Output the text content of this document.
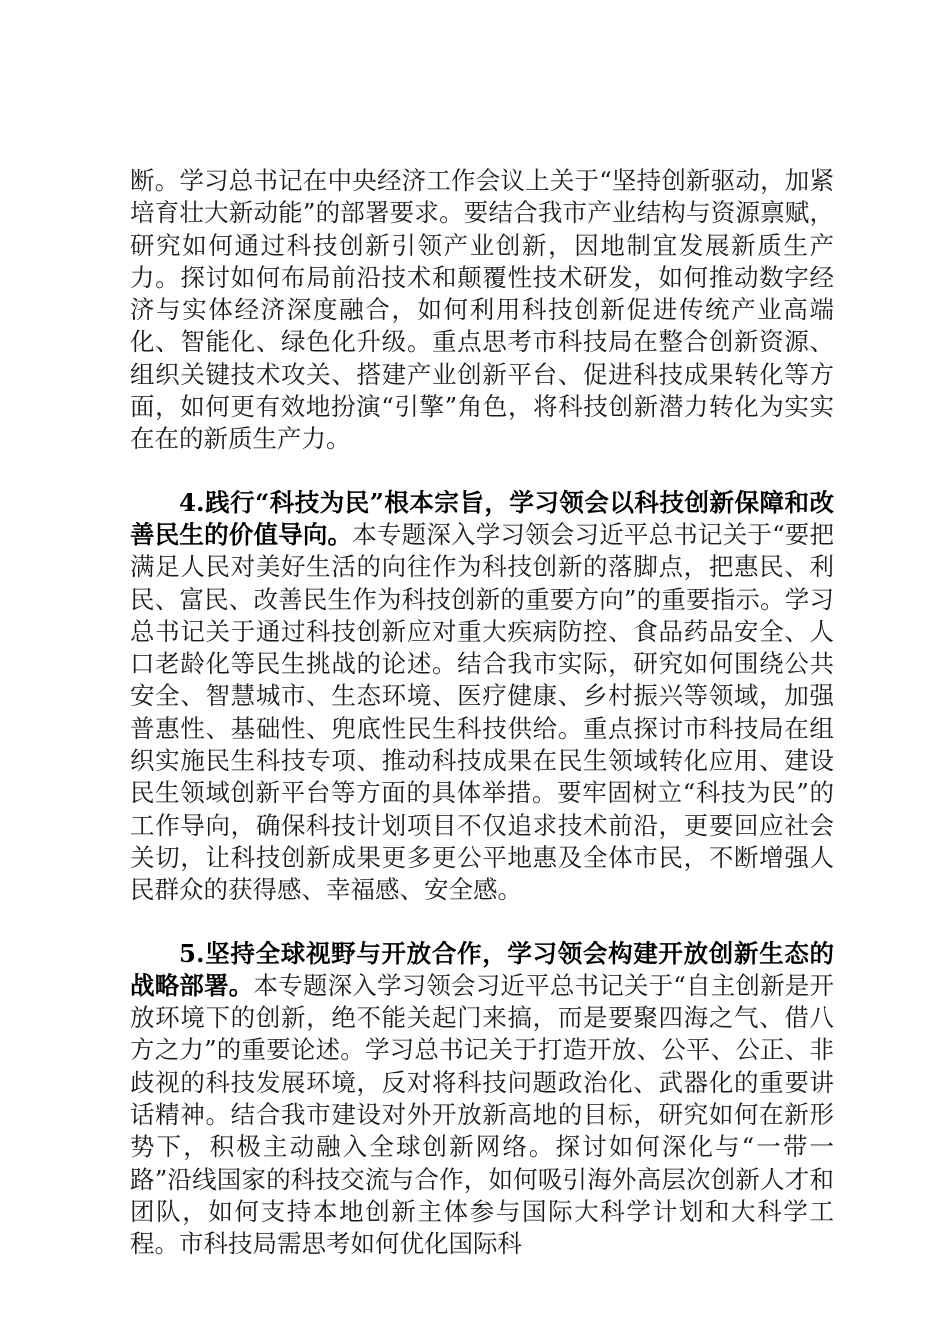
断。学习总书记在中央经济工作会议上关于“坚持创新驱动，加紧培育壮大新动能”的部署要求。要结合我市产业结构与资源禀赋，研究如何通过科技创新引领产业创新，因地制宜发展新质生产力。探讨如何布局前沿技术和颠覆性技术研发，如何推动数字经济与实体经济深度融合，如何利用科技创新促进传统产业高端化、智能化、绿色化升级。重点思考市科技局在整合创新资源、组织关键技术攻关、搭建产业创新平台、促进科技成果转化等方面，如何更有效地扮演“引擎”角色，将科技创新潜力转化为实实在在的新质生产力。

4.践行“科技为民”根本宗旨，学习领会以科技创新保障和改善民生的价值导向。本专题深入学习领会习近平总书记关于“要把满足人民对美好生活的向往作为科技创新的落脚点，把惠民、利民、富民、改善民生作为科技创新的重要方向”的重要指示。学习总书记关于通过科技创新应对重大疾病防控、食品药品安全、人口老龄化等民生挑战的论述。结合我市实际，研究如何围绕公共安全、智慧城市、生态环境、医疗健康、乡村振兴等领域，加强普惠性、基础性、兜底性民生科技供给。重点探讨市科技局在组织实施民生科技专项、推动科技成果在民生领域转化应用、建设民生领域创新平台等方面的具体举措。要牢固树立“科技为民”的工作导向，确保科技计划项目不仅追求技术前沿，更要回应社会关切，让科技创新成果更多更公平地惠及全体市民，不断增强人民群众的获得感、幸福感、安全感。

5.坚持全球视野与开放合作，学习领会构建开放创新生态的战略部署。本专题深入学习领会习近平总书记关于“自主创新是开放环境下的创新，绝不能关起门来搞，而是要聚四海之气、借八方之力”的重要论述。学习总书记关于打造开放、公平、公正、非歧视的科技发展环境，反对将科技问题政治化、武器化的重要讲话精神。结合我市建设对外开放新高地的目标，研究如何在新形势下，积极主动融入全球创新网络。探讨如何深化与“一带一路”沿线国家的科技交流与合作，如何吸引海外高层次创新人才和团队，如何支持本地创新主体参与国际大科学计划和大科学工程。市科技局需思考如何优化国际科
